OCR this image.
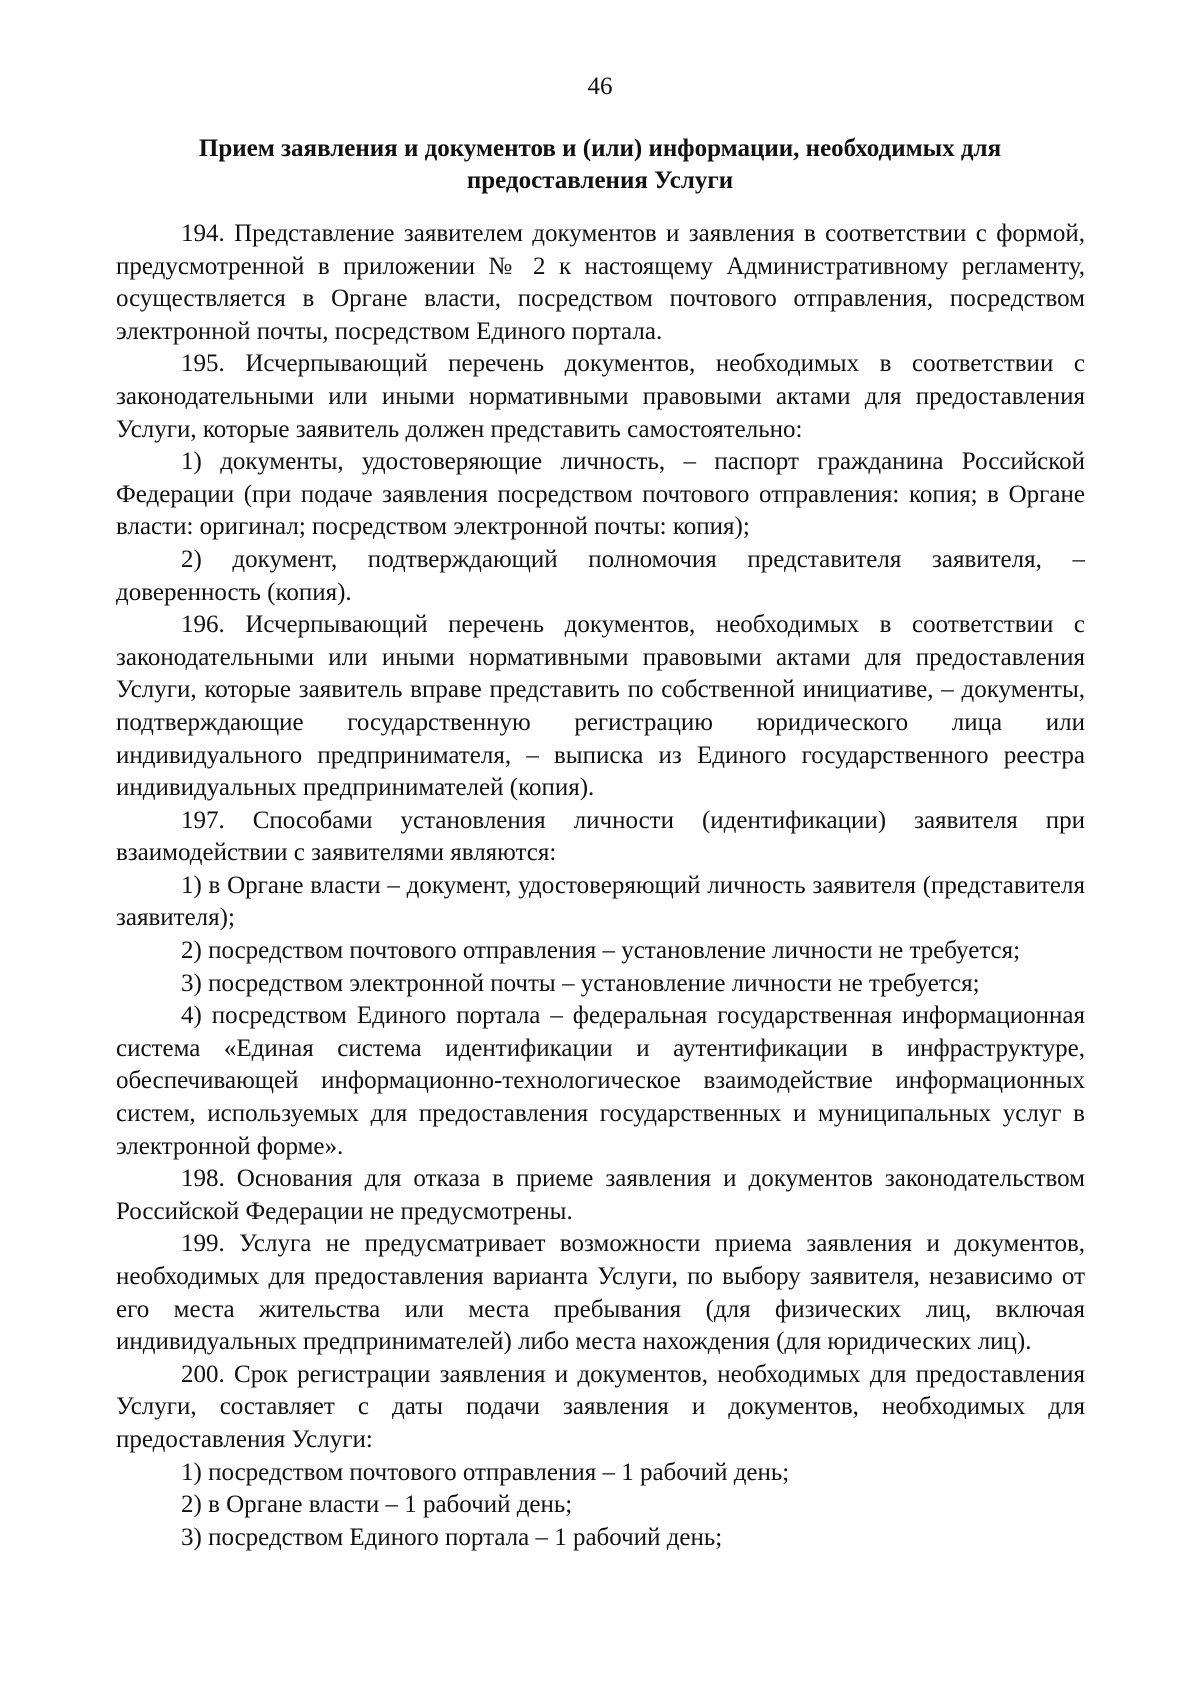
46
Прием заявления и документов и (или) информации, необходимых для
предоставления Услуги

194. Представление заявителем документов и заявления в соответствии с формой, предусмотренной в приложении № 2 к настоящему Административному регламенту, осуществляется в Органе власти, посредством почтового отправления, посредством электронной почты, посредством Единого портала.

195. Исчерпывающий перечень документов, необходимых в соответствии с законодательными или иными нормативными правовыми актами для предоставления Услуги, которые заявитель должен представить самостоятельно:

1) документы, удостоверяющие личность, – паспорт гражданина Российской Федерации (при подаче заявления посредством почтового отправления: копия; в Органе власти: оригинал; посредством электронной почты: копия);

2) документ, подтверждающий полномочия представителя заявителя, – доверенность (копия).

196. Исчерпывающий перечень документов, необходимых в соответствии с законодательными или иными нормативными правовыми актами для предоставления Услуги, которые заявитель вправе представить по собственной инициативе, – документы, подтверждающие государственную регистрацию юридического лица или индивидуального предпринимателя, – выписка из Единого государственного реестра индивидуальных предпринимателей (копия).

197. Способами установления личности (идентификации) заявителя при взаимодействии с заявителями являются:

1) в Органе власти – документ, удостоверяющий личность заявителя (представителя заявителя);

2) посредством почтового отправления – установление личности не требуется;

3) посредством электронной почты – установление личности не требуется;

4) посредством Единого портала – федеральная государственная информационная система «Единая система идентификации и аутентификации в инфраструктуре, обеспечивающей информационно-технологическое взаимодействие информационных систем, используемых для предоставления государственных и муниципальных услуг в электронной форме».

198. Основания для отказа в приеме заявления и документов законодательством Российской Федерации не предусмотрены.

199. Услуга не предусматривает возможности приема заявления и документов, необходимых для предоставления варианта Услуги, по выбору заявителя, независимо от его места жительства или места пребывания (для физических лиц, включая индивидуальных предпринимателей) либо места нахождения (для юридических лиц).

200. Срок регистрации заявления и документов, необходимых для предоставления Услуги, составляет с даты подачи заявления и документов, необходимых для предоставления Услуги:

1) посредством почтового отправления – 1 рабочий день;

2) в Органе власти – 1 рабочий день;

3) посредством Единого портала – 1 рабочий день;
